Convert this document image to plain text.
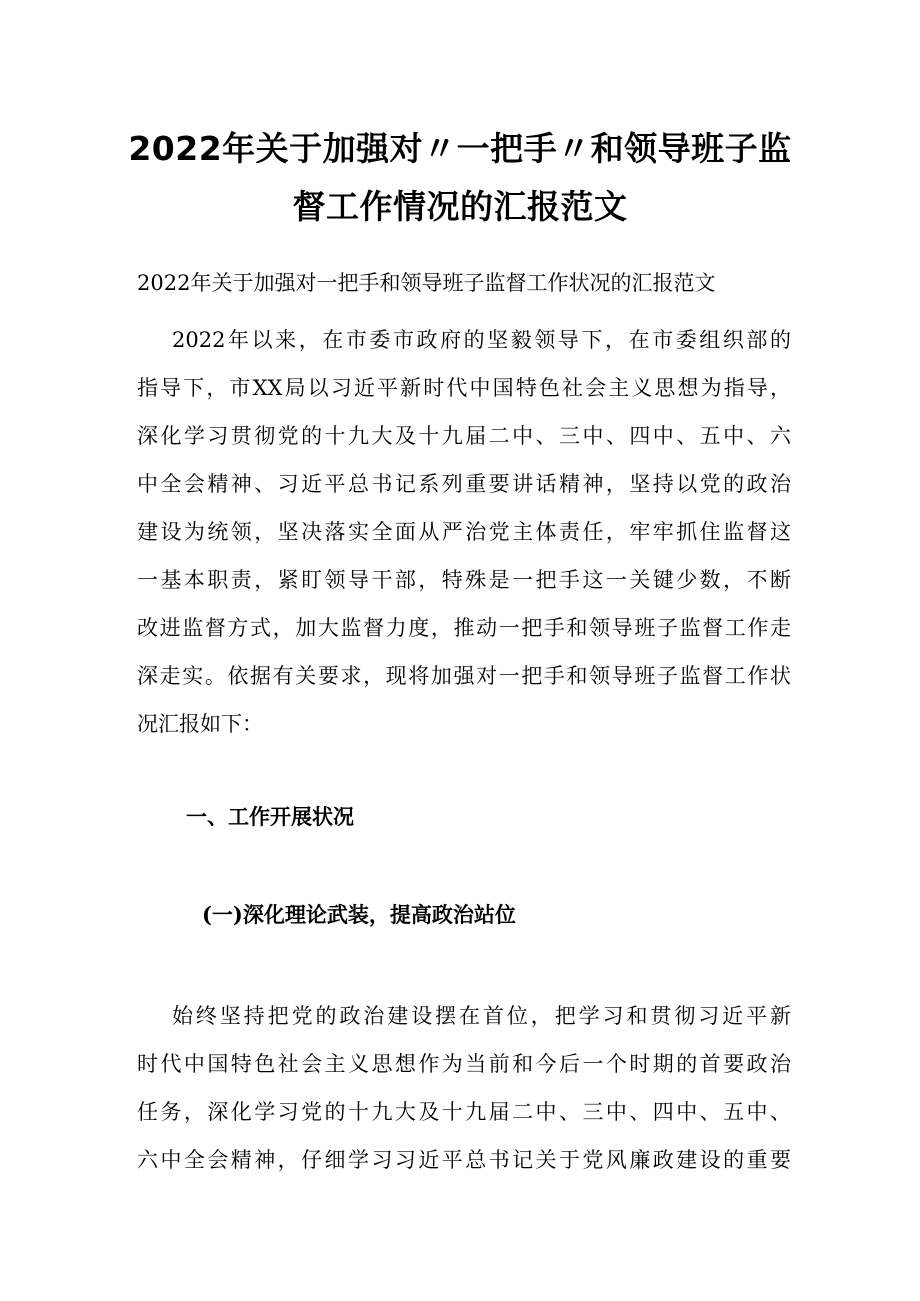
2022年关于加强对〃一把手〃和领导班子监
督工作情况的汇报范文

2022年关于加强对一把手和领导班子监督工作状况的汇报范文

2022年以来，在市委市政府的坚毅领导下，在市委组织部的
指导下，市XX局以习近平新时代中国特色社会主义思想为指导，
深化学习贯彻党的十九大及十九届二中、三中、四中、五中、六
中全会精神、习近平总书记系列重要讲话精神，坚持以党的政治
建设为统领，坚决落实全面从严治党主体责任，牢牢抓住监督这
一基本职责，紧盯领导干部，特殊是一把手这一关键少数，不断
改进监督方式，加大监督力度，推动一把手和领导班子监督工作走
深走实。依据有关要求，现将加强对一把手和领导班子监督工作状
况汇报如下：
一、工作开展状况
(一)深化理论武装，提高政治站位
始终坚持把党的政治建设摆在首位，把学习和贯彻习近平新
时代中国特色社会主义思想作为当前和今后一个时期的首要政治
任务，深化学习党的十九大及十九届二中、三中、四中、五中、
六中全会精神，仔细学习习近平总书记关于党风廉政建设的重要
